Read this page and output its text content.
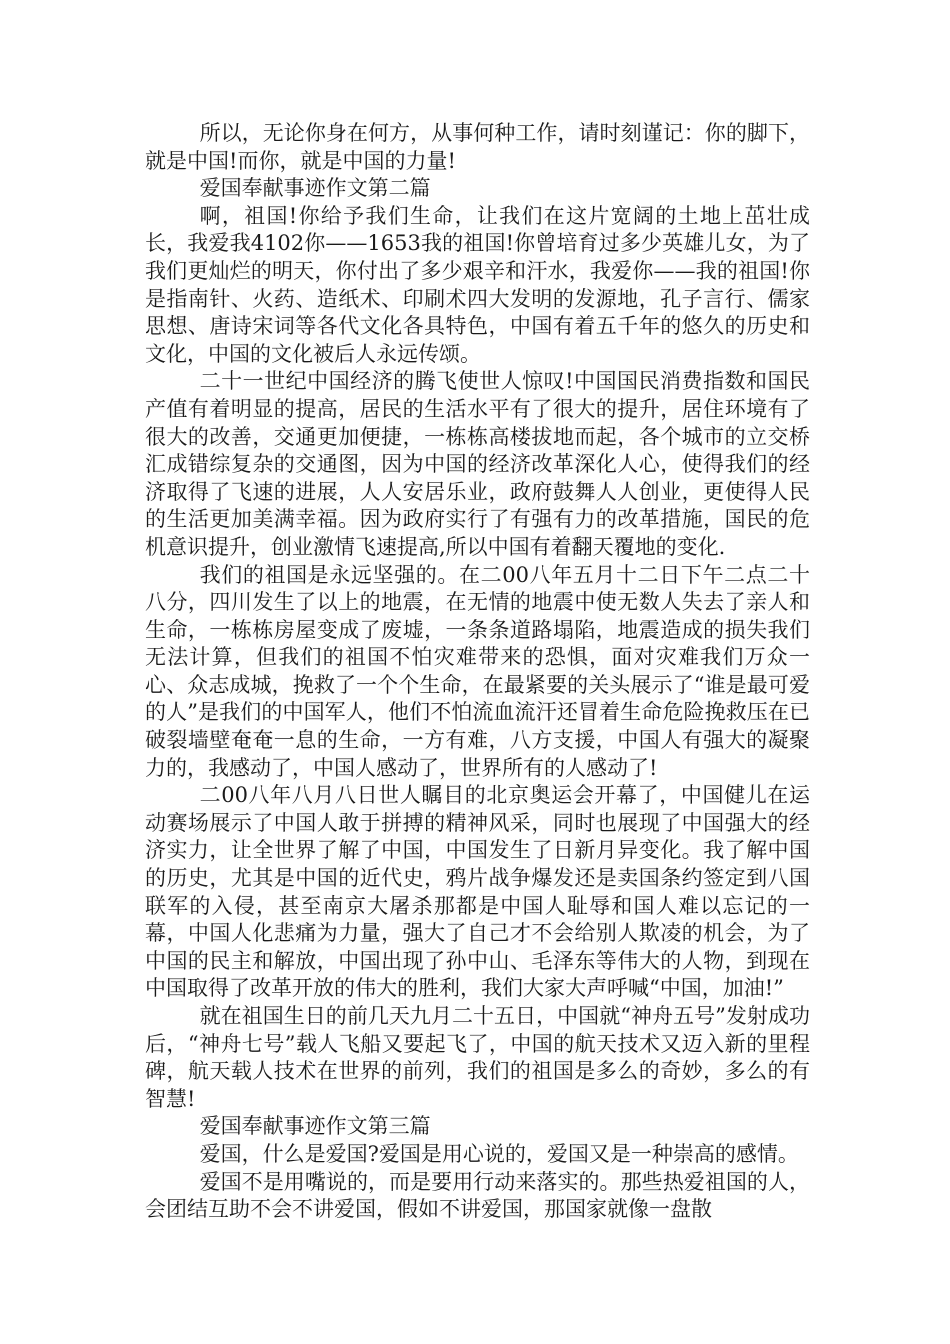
所以，无论你身在何方，从事何种工作，请时刻谨记：你的脚下，就是中国!而你，就是中国的力量!

爱国奉献事迹作文第二篇

啊，祖国!你给予我们生命，让我们在这片宽阔的土地上茁壮成长，我爱我4102你——1653我的祖国!你曾培育过多少英雄儿女，为了我们更灿烂的明天，你付出了多少艰辛和汗水，我爱你——我的祖国!你是指南针、火药、造纸术、印刷术四大发明的发源地，孔子言行、儒家思想、唐诗宋词等各代文化各具特色，中国有着五千年的悠久的历史和文化，中国的文化被后人永远传颂。

二十一世纪中国经济的腾飞使世人惊叹!中国国民消费指数和国民产值有着明显的提高，居民的生活水平有了很大的提升，居住环境有了很大的改善，交通更加便捷，一栋栋高楼拔地而起，各个城市的立交桥汇成错综复杂的交通图，因为中国的经济改革深化人心，使得我们的经济取得了飞速的进展，人人安居乐业，政府鼓舞人人创业，更使得人民的生活更加美满幸福。因为政府实行了有强有力的改革措施，国民的危机意识提升，创业激情飞速提高,所以中国有着翻天覆地的变化.

我们的祖国是永远坚强的。在二00八年五月十二日下午二点二十八分，四川发生了以上的地震，在无情的地震中使无数人失去了亲人和生命，一栋栋房屋变成了废墟，一条条道路塌陷，地震造成的损失我们无法计算，但我们的祖国不怕灾难带来的恐惧，面对灾难我们万众一心、众志成城，挽救了一个个生命，在最紧要的关头展示了“谁是最可爱的人”是我们的中国军人，他们不怕流血流汗还冒着生命危险挽救压在已破裂墙壁奄奄一息的生命，一方有难，八方支援，中国人有强大的凝聚力的，我感动了，中国人感动了，世界所有的人感动了!

二00八年八月八日世人瞩目的北京奥运会开幕了，中国健儿在运动赛场展示了中国人敢于拼搏的精神风采，同时也展现了中国强大的经济实力，让全世界了解了中国，中国发生了日新月异变化。我了解中国的历史，尤其是中国的近代史，鸦片战争爆发还是卖国条约签定到八国联军的入侵，甚至南京大屠杀那都是中国人耻辱和国人难以忘记的一幕，中国人化悲痛为力量，强大了自己才不会给别人欺凌的机会，为了中国的民主和解放，中国出现了孙中山、毛泽东等伟大的人物，到现在中国取得了改革开放的伟大的胜利，我们大家大声呼喊“中国，加油!”

就在祖国生日的前几天九月二十五日，中国就“神舟五号”发射成功后，“神舟七号”载人飞船又要起飞了，中国的航天技术又迈入新的里程碑，航天载人技术在世界的前列，我们的祖国是多么的奇妙，多么的有智慧!

爱国奉献事迹作文第三篇

爱国，什么是爱国?爱国是用心说的，爱国又是一种崇高的感情。

爱国不是用嘴说的，而是要用行动来落实的。那些热爱祖国的人，会团结互助不会不讲爱国，假如不讲爱国，那国家就像一盘散
